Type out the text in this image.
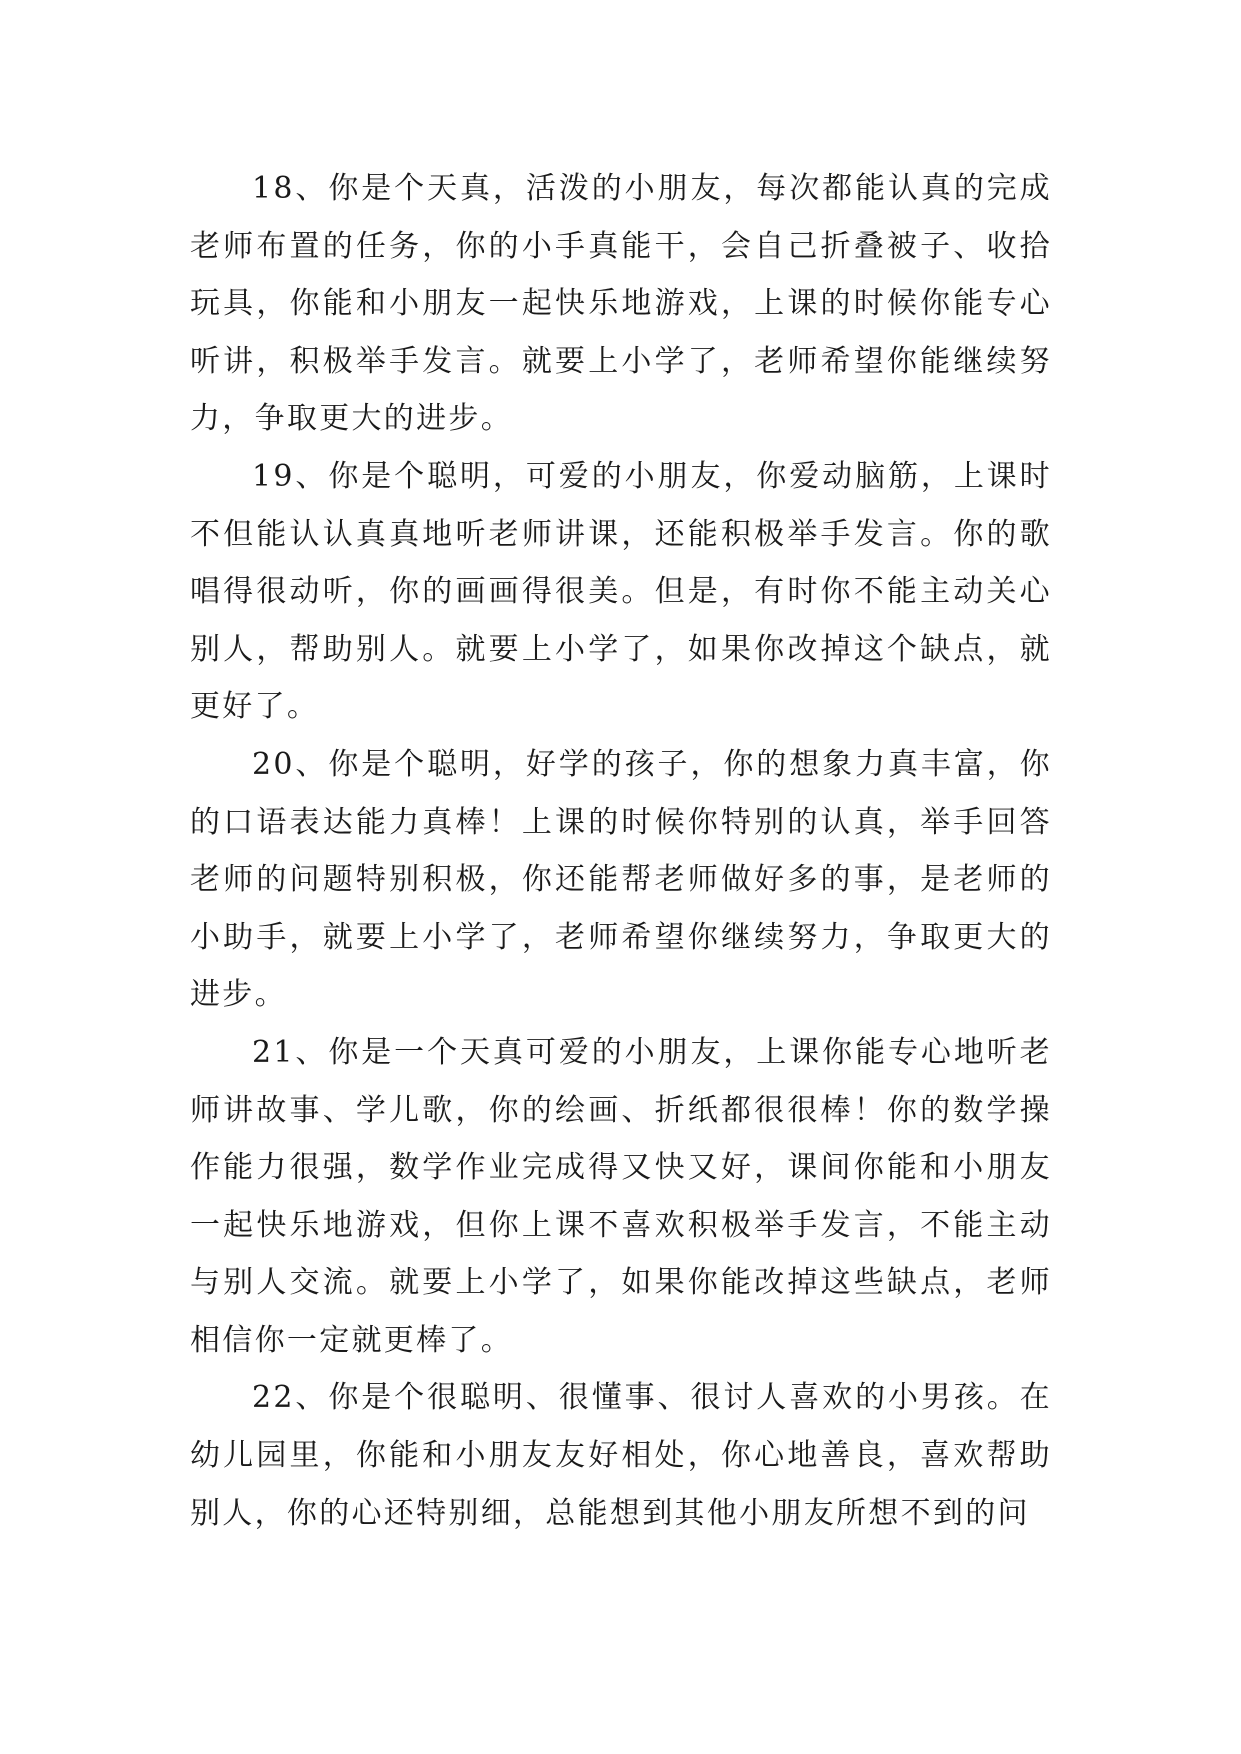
18、你是个天真，活泼的小朋友，每次都能认真的完成老师布置的任务，你的小手真能干，会自己折叠被子、收拾玩具，你能和小朋友一起快乐地游戏，上课的时候你能专心听讲，积极举手发言。就要上小学了，老师希望你能继续努力，争取更大的进步。

19、你是个聪明，可爱的小朋友，你爱动脑筋，上课时不但能认认真真地听老师讲课，还能积极举手发言。你的歌唱得很动听，你的画画得很美。但是，有时你不能主动关心别人，帮助别人。就要上小学了，如果你改掉这个缺点，就更好了。

20、你是个聪明，好学的孩子，你的想象力真丰富，你的口语表达能力真棒！上课的时候你特别的认真，举手回答老师的问题特别积极，你还能帮老师做好多的事，是老师的小助手，就要上小学了，老师希望你继续努力，争取更大的进步。

21、你是一个天真可爱的小朋友，上课你能专心地听老师讲故事、学儿歌，你的绘画、折纸都很很棒！你的数学操作能力很强，数学作业完成得又快又好，课间你能和小朋友一起快乐地游戏，但你上课不喜欢积极举手发言，不能主动与别人交流。就要上小学了，如果你能改掉这些缺点，老师相信你一定就更棒了。

22、你是个很聪明、很懂事、很讨人喜欢的小男孩。在幼儿园里，你能和小朋友友好相处，你心地善良，喜欢帮助别人，你的心还特别细，总能想到其他小朋友所想不到的问
